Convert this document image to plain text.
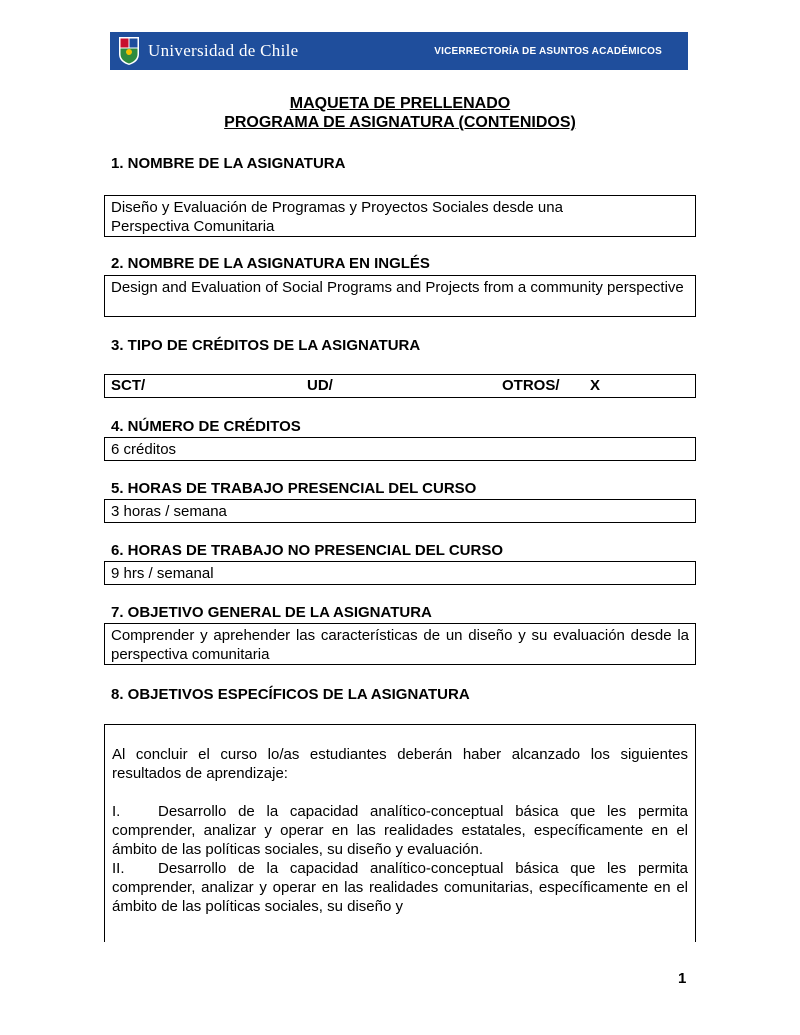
Universidad de Chile	VICERRECTORÍA DE ASUNTOS ACADÉMICOS
MAQUETA DE PRELLENADO
PROGRAMA DE ASIGNATURA (CONTENIDOS)
1. NOMBRE DE LA ASIGNATURA
Diseño y Evaluación de Programas y Proyectos Sociales desde una
Perspectiva Comunitaria
2. NOMBRE DE LA ASIGNATURA EN INGLÉS
Design and Evaluation of Social Programs and Projects from a community perspective
3. TIPO DE CRÉDITOS DE LA ASIGNATURA
SCT/	UD/	OTROS/	X
4. NÚMERO DE CRÉDITOS
6 créditos
5. HORAS DE TRABAJO PRESENCIAL DEL CURSO
3 horas / semana
6. HORAS DE TRABAJO NO PRESENCIAL DEL CURSO
9 hrs / semanal
7. OBJETIVO GENERAL DE LA ASIGNATURA
Comprender y aprehender las características de un diseño y su evaluación desde la perspectiva comunitaria
8. OBJETIVOS ESPECÍFICOS DE LA ASIGNATURA

Al concluir el curso lo/as estudiantes deberán haber alcanzado los siguientes resultados de aprendizaje:

I.	Desarrollo de la capacidad analítico-conceptual básica que les permita comprender, analizar y operar en las realidades estatales, específicamente en el ámbito de las políticas sociales, su diseño y evaluación.
II. Desarrollo de la capacidad analítico-conceptual básica que les permita comprender, analizar y operar en las realidades comunitarias, específicamente en el ámbito de las políticas sociales, su diseño y
1
